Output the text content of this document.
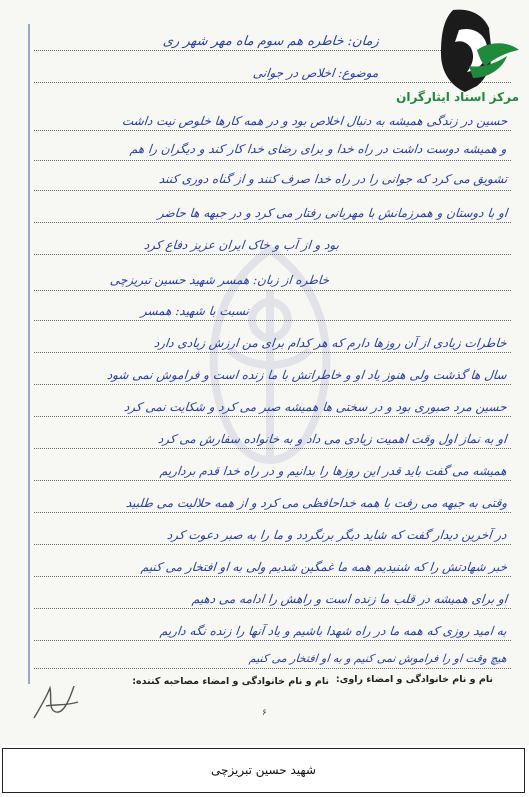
زمان: خاطره هم سوم ماه مهر شهر ری
موضوع: اخلاص در جوانی
حسین در زندگی همیشه به دنبال اخلاص بود و در همه کارها خلوص نیت داشت
و همیشه دوست داشت در راه خدا و برای رضای خدا کار کند و دیگران را هم
تشویق می کرد که جوانی را در راه خدا صرف کنند و از گناه دوری کنند
او با دوستان و همرزمانش با مهربانی رفتار می کرد و در جبهه ها حاضر
بود و از آب و خاک ایران عزیز دفاع کرد
خاطره از زبان: همسر شهید حسین تبریزچی
نسبت با شهید: همسر
خاطرات زیادی از آن روزها دارم که هر کدام برای من ارزش زیادی دارد
سال ها گذشت ولی هنوز یاد او و خاطراتش با ما زنده است و فراموش نمی شود
حسین مرد صبوری بود و در سختی ها همیشه صبر می کرد و شکایت نمی کرد
او به نماز اول وقت اهمیت زیادی می داد و به خانواده سفارش می کرد
همیشه می گفت باید قدر این روزها را بدانیم و در راه خدا قدم برداریم
وقتی به جبهه می رفت با همه خداحافظی می کرد و از همه حلالیت می طلبید
در آخرین دیدار گفت که شاید دیگر برنگردد و ما را به صبر دعوت کرد
خبر شهادتش را که شنیدیم همه ما غمگین شدیم ولی به او افتخار می کنیم
او برای همیشه در قلب ما زنده است و راهش را ادامه می دهیم
به امید روزی که همه ما در راه شهدا باشیم و یاد آنها را زنده نگه داریم
هیچ وقت او را فراموش نمی کنیم و به او افتخار می کنیم
نام و نام خانوادگی و امضاء راوی:
نام و نام خانوادگی و امضاء مصاحبه کننده:
۶
مرکز اسناد ایثارگران
شهید حسین تبریزچی
